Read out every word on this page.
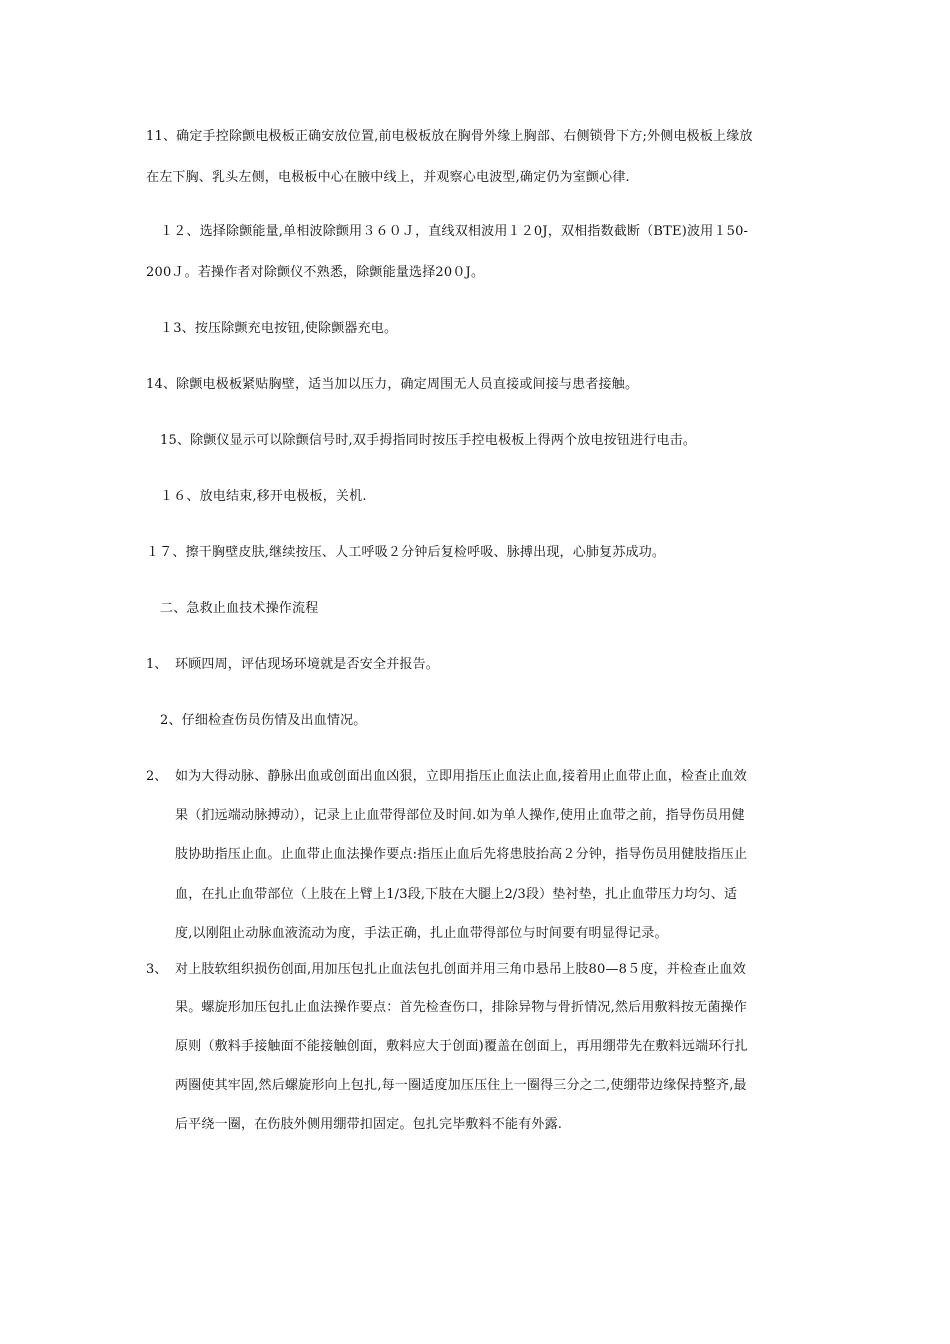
11、确定手控除颤电极板正确安放位置,前电极板放在胸骨外缘上胸部、右侧锁骨下方;外侧电极板上缘放
在左下胸、乳头左侧，电极板中心在腋中线上，并观察心电波型,确定仍为室颤心律.
１２、选择除颤能量,单相波除颤用３６０Ｊ，直线双相波用１２0J，双相指数截断（BTE)波用１50-
200Ｊ。若操作者对除颤仪不熟悉，除颤能量选择20０J。
１3、按压除颤充电按钮,使除颤器充电。
14、除颤电极板紧贴胸壁，适当加以压力，确定周围无人员直接或间接与患者接触。
15、除颤仪显示可以除颤信号时,双手拇指同时按压手控电极板上得两个放电按钮进行电击。
１６、放电结束,移开电极板，关机.
１７、擦干胸壁皮肤,继续按压、人工呼吸２分钟后复检呼吸、脉搏出现，心肺复苏成功。
二、急救止血技术操作流程
1、 环顾四周，评估现场环境就是否安全并报告。
2、仔细检查伤员伤情及出血情况。
2、 如为大得动脉、静脉出血或创面出血凶狠，立即用指压止血法止血,接着用止血带止血，检查止血效
果（扪远端动脉搏动），记录上止血带得部位及时间.如为单人操作,使用止血带之前，指导伤员用健
肢协助指压止血。止血带止血法操作要点:指压止血后先将患肢抬高２分钟，指导伤员用健肢指压止
血，在扎止血带部位（上肢在上臂上1/3段,下肢在大腿上2/3段）垫衬垫，扎止血带压力均匀、适
度,以刚阻止动脉血液流动为度，手法正确，扎止血带得部位与时间要有明显得记录。
3、 对上肢软组织损伤创面,用加压包扎止血法包扎创面并用三角巾悬吊上肢80—8５度，并检查止血效
果。螺旋形加压包扎止血法操作要点：首先检查伤口，排除异物与骨折情况,然后用敷料按无菌操作
原则（敷料手接触面不能接触创面，敷料应大于创面)覆盖在创面上，再用绷带先在敷料远端环行扎
两圈使其牢固,然后螺旋形向上包扎,每一圈适度加压压住上一圈得三分之二,使绷带边缘保持整齐,最
后平绕一圈，在伤肢外侧用绷带扣固定。包扎完毕敷料不能有外露.
